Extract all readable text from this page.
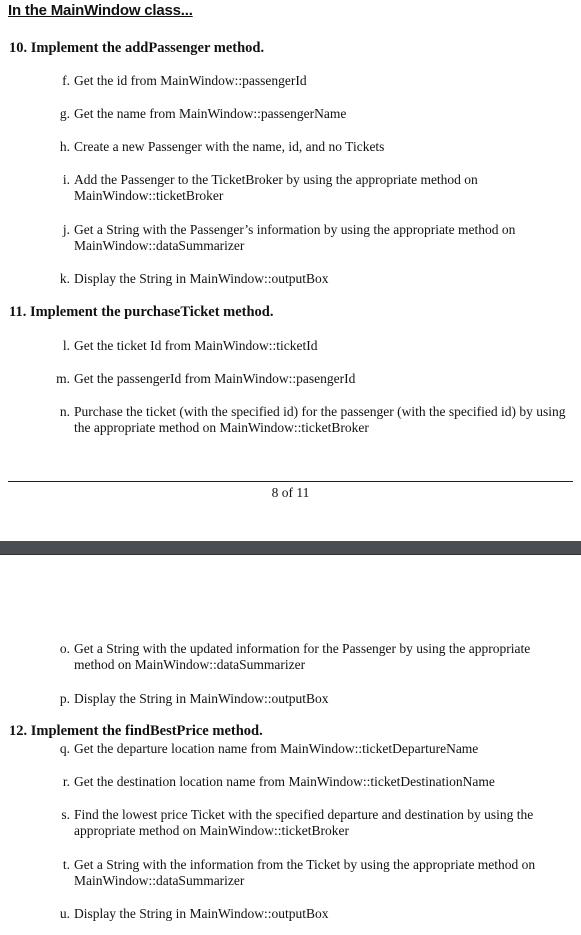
In the MainWindow class...
10. Implement the addPassenger method.
f. Get the id from MainWindow::passengerId
g. Get the name from MainWindow::passengerName
h. Create a new Passenger with the name, id, and no Tickets
i. Add the Passenger to the TicketBroker by using the appropriate method on MainWindow::ticketBroker
j. Get a String with the Passenger’s information by using the appropriate method on MainWindow::dataSummarizer
k. Display the String in MainWindow::outputBox
11. Implement the purchaseTicket method.
l. Get the ticket Id from MainWindow::ticketId
m. Get the passengerId from MainWindow::pasengerId
n. Purchase the ticket (with the specified id) for the passenger (with the specified id) by using the appropriate method on MainWindow::ticketBroker
8 of 11
o. Get a String with the updated information for the Passenger by using the appropriate method on MainWindow::dataSummarizer
p. Display the String in MainWindow::outputBox
12. Implement the findBestPrice method.
q. Get the departure location name from MainWindow::ticketDepartureName
r. Get the destination location name from MainWindow::ticketDestinationName
s. Find the lowest price Ticket with the specified departure and destination by using the appropriate method on MainWindow::ticketBroker
t. Get a String with the information from the Ticket by using the appropriate method on MainWindow::dataSummarizer
u. Display the String in MainWindow::outputBox
